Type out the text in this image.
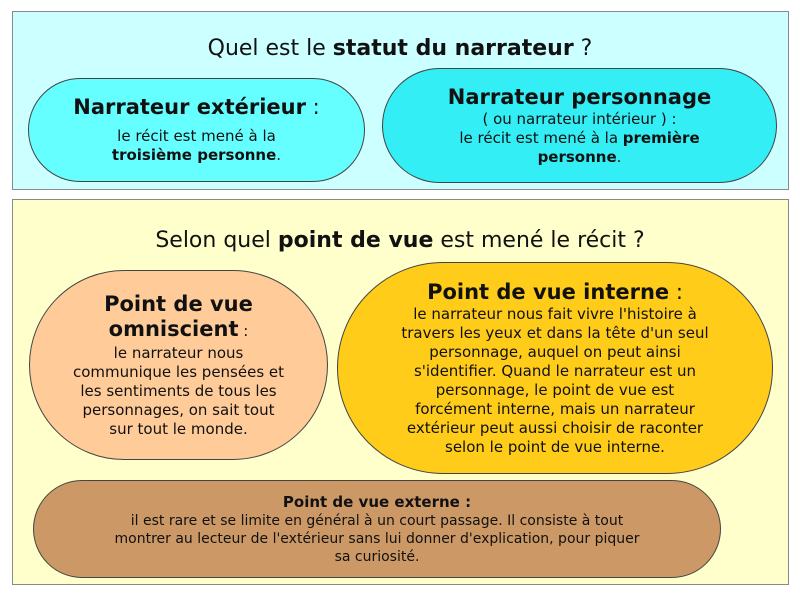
Quel est le statut du narrateur ?
Narrateur extérieur :
le récit est mené à la
troisième personne.
Narrateur personnage
( ou narrateur intérieur ) :
le récit est mené à la première
personne.
Selon quel point de vue est mené le récit ?
Point de vue
omniscient :
le narrateur nous
communique les pensées et
les sentiments de tous les
personnages, on sait tout
sur tout le monde.
Point de vue interne :
le narrateur nous fait vivre l'histoire à
travers les yeux et dans la tête d'un seul
personnage, auquel on peut ainsi
s'identifier. Quand le narrateur est un
personnage, le point de vue est
forcément interne, mais un narrateur
extérieur peut aussi choisir de raconter
selon le point de vue interne.
Point de vue externe :
il est rare et se limite en général à un court passage. Il consiste à tout
montrer au lecteur de l'extérieur sans lui donner d'explication, pour piquer
sa curiosité.
